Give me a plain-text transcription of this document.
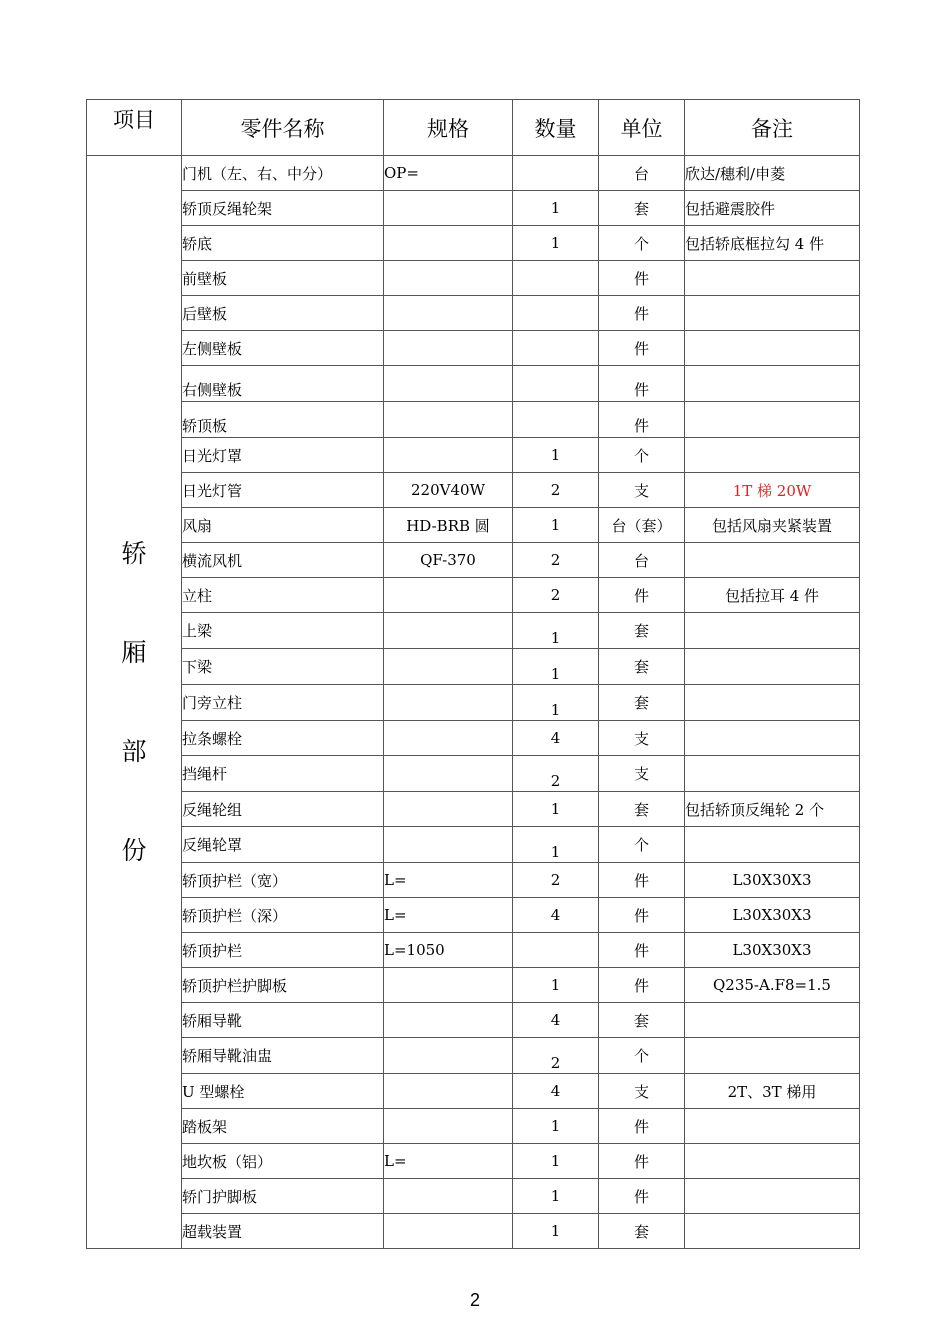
项目	零件名称	规格	数量	单位	备注

轿
厢
部
份	门机（左、右、中分）	OP=		台	欣达/穗利/申菱
	轿顶反绳轮架		1	套	包括避震胶件
	轿底		1	个	包括轿底框拉勾 4 件
	前壁板			件	
	后壁板			件	
	左侧壁板			件	
	右侧壁板			件	
	轿顶板			件	
	日光灯罩		1	个	
	日光灯管	220V40W	2	支	1T 梯 20W
	风扇	HD-BRB 圆	1	台（套）	包括风扇夹紧装置
	横流风机	QF-370	2	台	
	立柱		2	件	包括拉耳 4 件
	上梁		1	套	
	下梁		1	套	
	门旁立柱		1	套	
	拉条螺栓		4	支	
	挡绳杆		2	支	
	反绳轮组		1	套	包括轿顶反绳轮 2 个
	反绳轮罩		1	个	
	轿顶护栏（宽）	L=	2	件	L30X30X3
	轿顶护栏（深）	L=	4	件	L30X30X3
	轿顶护栏	L=1050		件	L30X30X3
	轿顶护栏护脚板		1	件	Q235-A.F8=1.5
	轿厢导靴		4	套	
	轿厢导靴油盅		2	个	
	U 型螺栓		4	支	2T、3T 梯用
	踏板架		1	件	
	地坎板（铝）	L=	1	件	
	轿门护脚板		1	件	
	超载装置		1	套	
2
